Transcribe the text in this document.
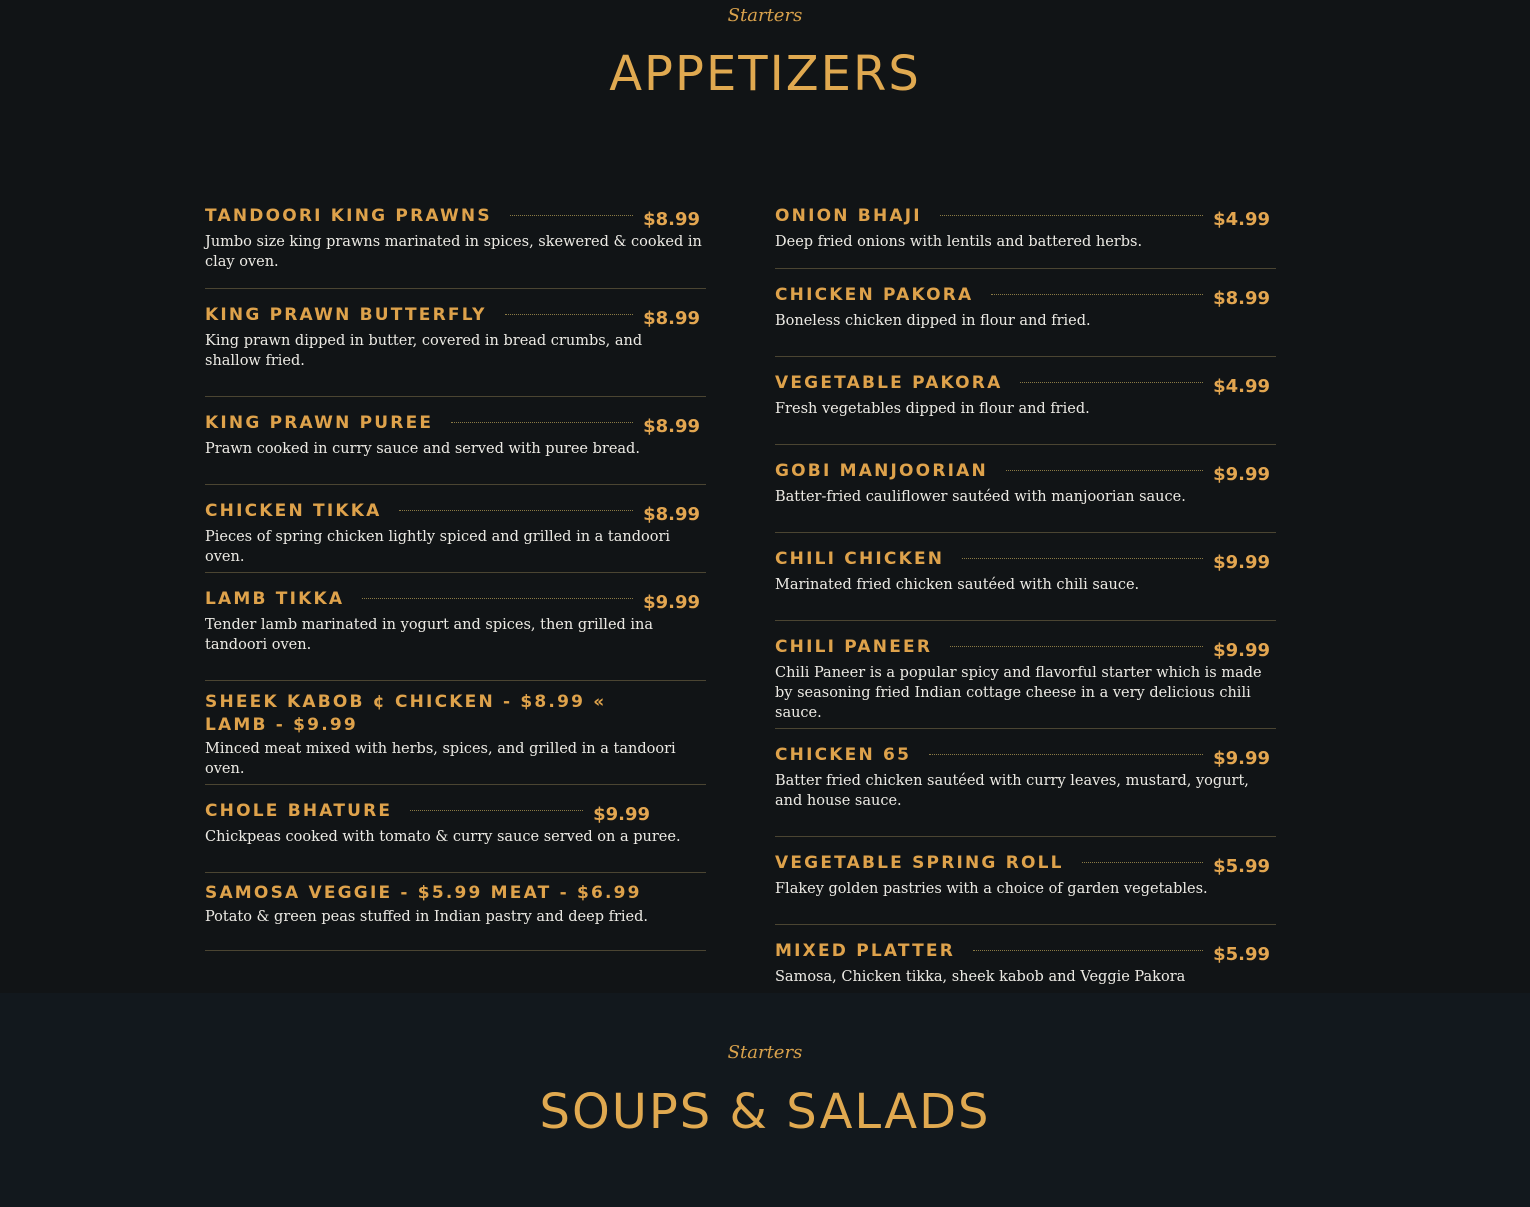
Starters
APPETIZERS
TANDOORI KING PRAWNS	$8.99
Jumbo size king prawns marinated in spices, skewered & cooked in clay oven.
KING PRAWN BUTTERFLY	$8.99
King prawn dipped in butter, covered in bread crumbs, and shallow fried.
KING PRAWN PUREE	$8.99
Prawn cooked in curry sauce and served with puree bread.
CHICKEN TIKKA	$8.99
Pieces of spring chicken lightly spiced and grilled in a tandoori oven.
LAMB TIKKA	$9.99
Tender lamb marinated in yogurt and spices, then grilled ina tandoori oven.
SHEEK KABOB ¢ CHICKEN - $8.99 « LAMB - $9.99
Minced meat mixed with herbs, spices, and grilled in a tandoori oven.
CHOLE BHATURE	$9.99
Chickpeas cooked with tomato & curry sauce served on a puree.
SAMOSA VEGGIE - $5.99 MEAT - $6.99
Potato & green peas stuffed in Indian pastry and deep fried.
ONION BHAJI	$4.99
Deep fried onions with lentils and battered herbs.
CHICKEN PAKORA	$8.99
Boneless chicken dipped in flour and fried.
VEGETABLE PAKORA	$4.99
Fresh vegetables dipped in flour and fried.
GOBI MANJOORIAN	$9.99
Batter-fried cauliflower sautéed with manjoorian sauce.
CHILI CHICKEN	$9.99
Marinated fried chicken sautéed with chili sauce.
CHILI PANEER	$9.99
Chili Paneer is a popular spicy and flavorful starter which is made by seasoning fried Indian cottage cheese in a very delicious chili sauce.
CHICKEN 65	$9.99
Batter fried chicken sautéed with curry leaves, mustard, yogurt, and house sauce.
VEGETABLE SPRING ROLL	$5.99
Flakey golden pastries with a choice of garden vegetables.
MIXED PLATTER	$5.99
Samosa, Chicken tikka, sheek kabob and Veggie Pakora
Starters
SOUPS & SALADS
